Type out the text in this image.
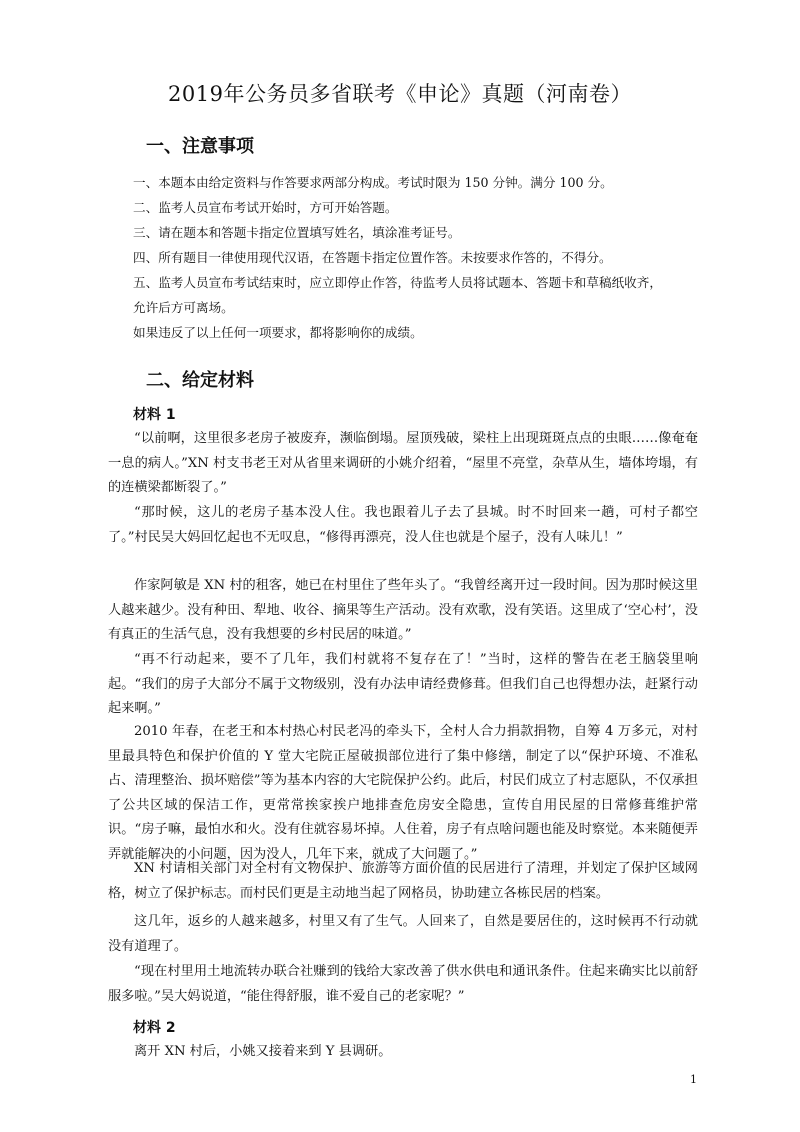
2019年公务员多省联考《申论》真题（河南卷）
一、注意事项
一、本题本由给定资料与作答要求两部分构成。考试时限为 150 分钟。满分 100 分。
二、监考人员宣布考试开始时，方可开始答题。
三、请在题本和答题卡指定位置填写姓名，填涂准考证号。
四、所有题目一律使用现代汉语，在答题卡指定位置作答。未按要求作答的，不得分。
五、监考人员宣布考试结束时，应立即停止作答，待监考人员将试题本、答题卡和草稿纸收齐，允许后方可离场。
如果违反了以上任何一项要求，都将影响你的成绩。
二、给定材料
材料 1

“以前啊，这里很多老房子被废弃，濒临倒塌。屋顶残破，梁柱上出现斑斑点点的虫眼……像奄奄一息的病人。”XN 村支书老王对从省里来调研的小姚介绍着，“屋里不亮堂，杂草从生，墙体垮塌，有的连横梁都断裂了。”

“那时候，这儿的老房子基本没人住。我也跟着儿子去了县城。时不时回来一趟，可村子都空了。”村民吴大妈回忆起也不无叹息，“修得再漂亮，没人住也就是个屋子，没有人味儿！”

作家阿敏是 XN 村的租客，她已在村里住了些年头了。“我曾经离开过一段时间。因为那时候这里人越来越少。没有种田、犁地、收谷、摘果等生产活动。没有欢歌，没有笑语。这里成了‘空心村’，没有真正的生活气息，没有我想要的乡村民居的味道。”

“再不行动起来，要不了几年，我们村就将不复存在了！”当时，这样的警告在老王脑袋里响起。“我们的房子大部分不属于文物级别，没有办法申请经费修葺。但我们自己也得想办法，赶紧行动起来啊。”

2010 年春，在老王和本村热心村民老冯的牵头下，全村人合力捐款捐物，自筹 4 万多元，对村里最具特色和保护价值的 Y 堂大宅院正屋破损部位进行了集中修缮，制定了以“保护环境、不准私占、清理整治、损坏赔偿”等为基本内容的大宅院保护公约。此后，村民们成立了村志愿队，不仅承担了公共区域的保洁工作，更常常挨家挨户地排查危房安全隐患，宣传自用民屋的日常修葺维护常识。“房子嘛，最怕水和火。没有住就容易坏掉。人住着，房子有点啥问题也能及时察觉。本来随便弄弄就能解决的小问题，因为没人，几年下来，就成了大问题了。”

XN 村请相关部门对全村有文物保护、旅游等方面价值的民居进行了清理，并划定了保护区域网格，树立了保护标志。而村民们更是主动地当起了网格员，协助建立各栋民居的档案。

这几年，返乡的人越来越多，村里又有了生气。人回来了，自然是要居住的，这时候再不行动就没有道理了。

“现在村里用土地流转办联合社赚到的钱给大家改善了供水供电和通讯条件。住起来确实比以前舒服多啦。”吴大妈说道，“能住得舒服，谁不爱自己的老家呢？”

材料 2

离开 XN 村后，小姚又接着来到 Y 县调研。

1
